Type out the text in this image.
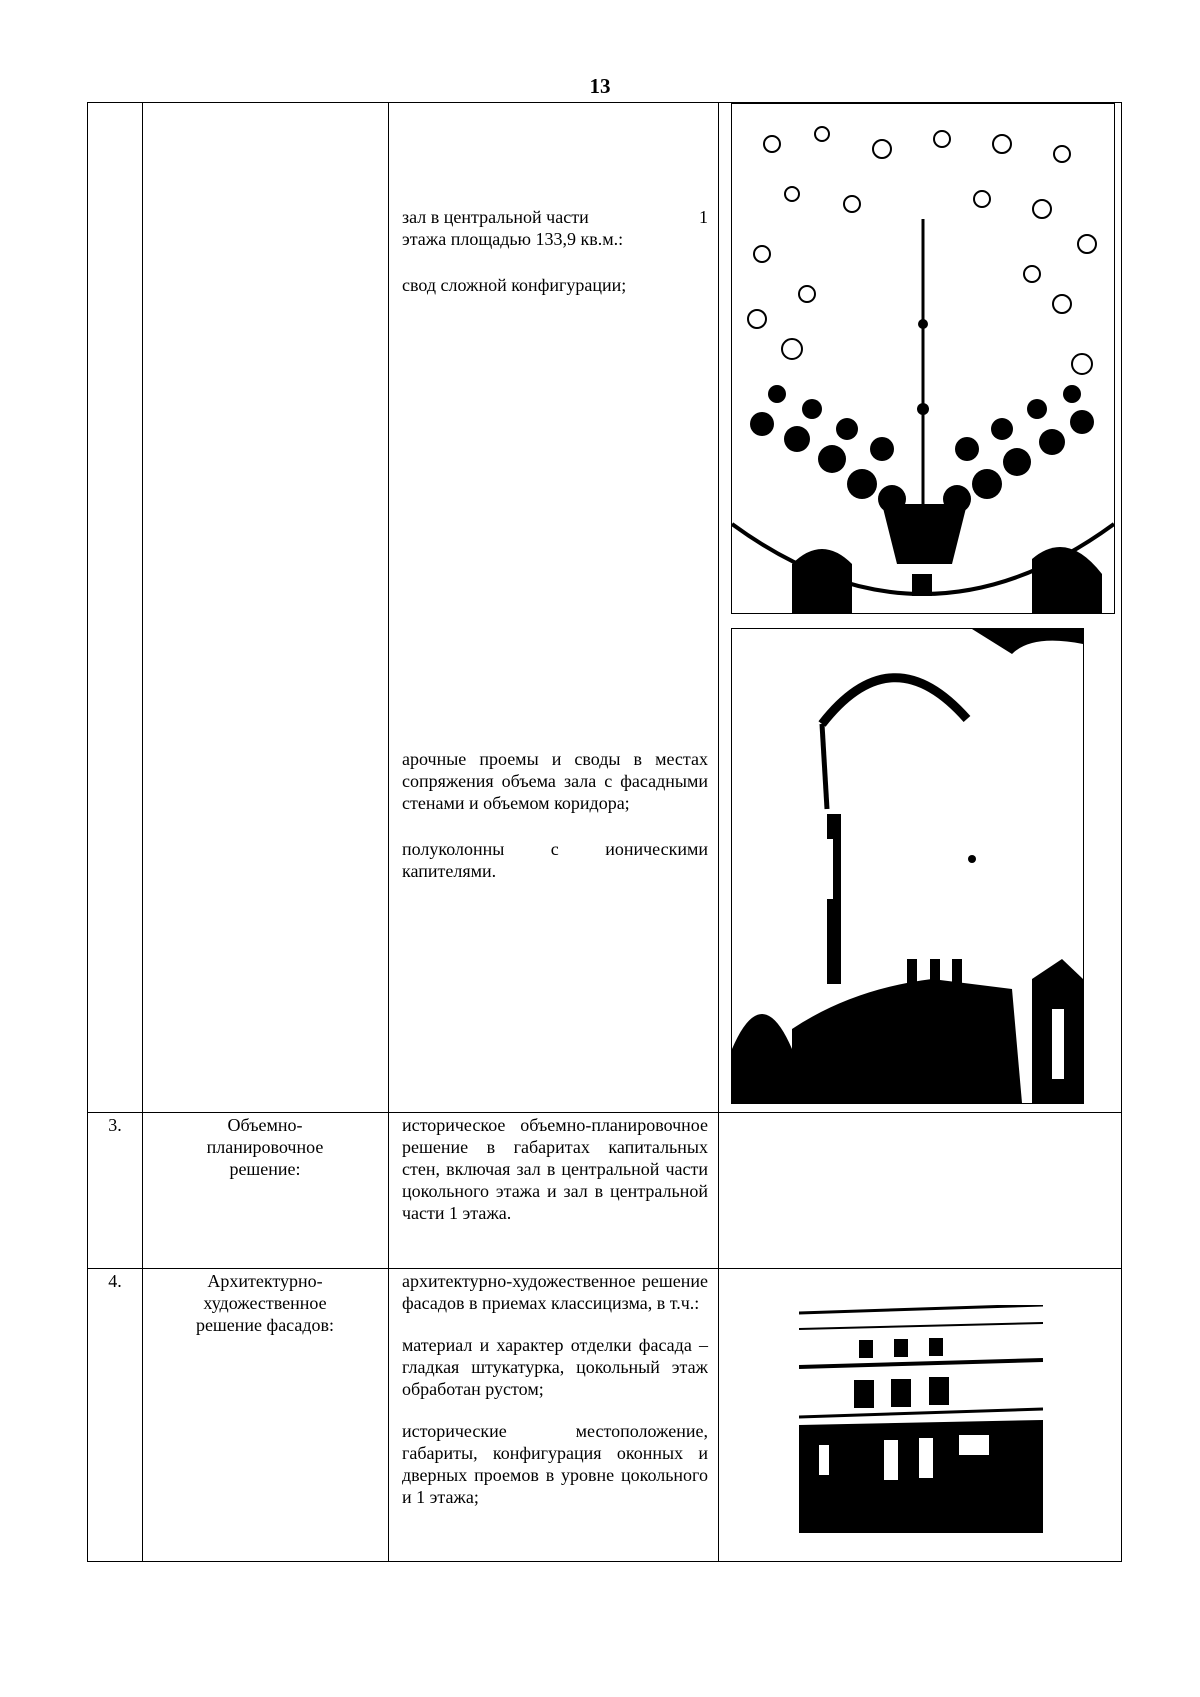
13
зал в центральной части	1

этажа площадью 133,9 кв.м.:

свод сложной конфигурации;

арочные проемы и своды в местах сопряжения объема зала с фасадными стенами и объемом коридора;

полуколонны с ионическими капителями.

3.	Объемно-планировочное решение:
историческое объемно-планировочное решение в габаритах капитальных стен, включая зал в центральной части цокольного этажа и зал в центральной части 1 этажа.
4.	Архитектурно-художественное решение фасадов:

архитектурно-художественное решение фасадов в приемах классицизма, в т.ч.:

материал и характер отделки фасада – гладкая штукатурка, цокольный этаж обработан рустом;

исторические местоположение, габариты, конфигурация оконных и дверных проемов в уровне цокольного и 1 этажа;
